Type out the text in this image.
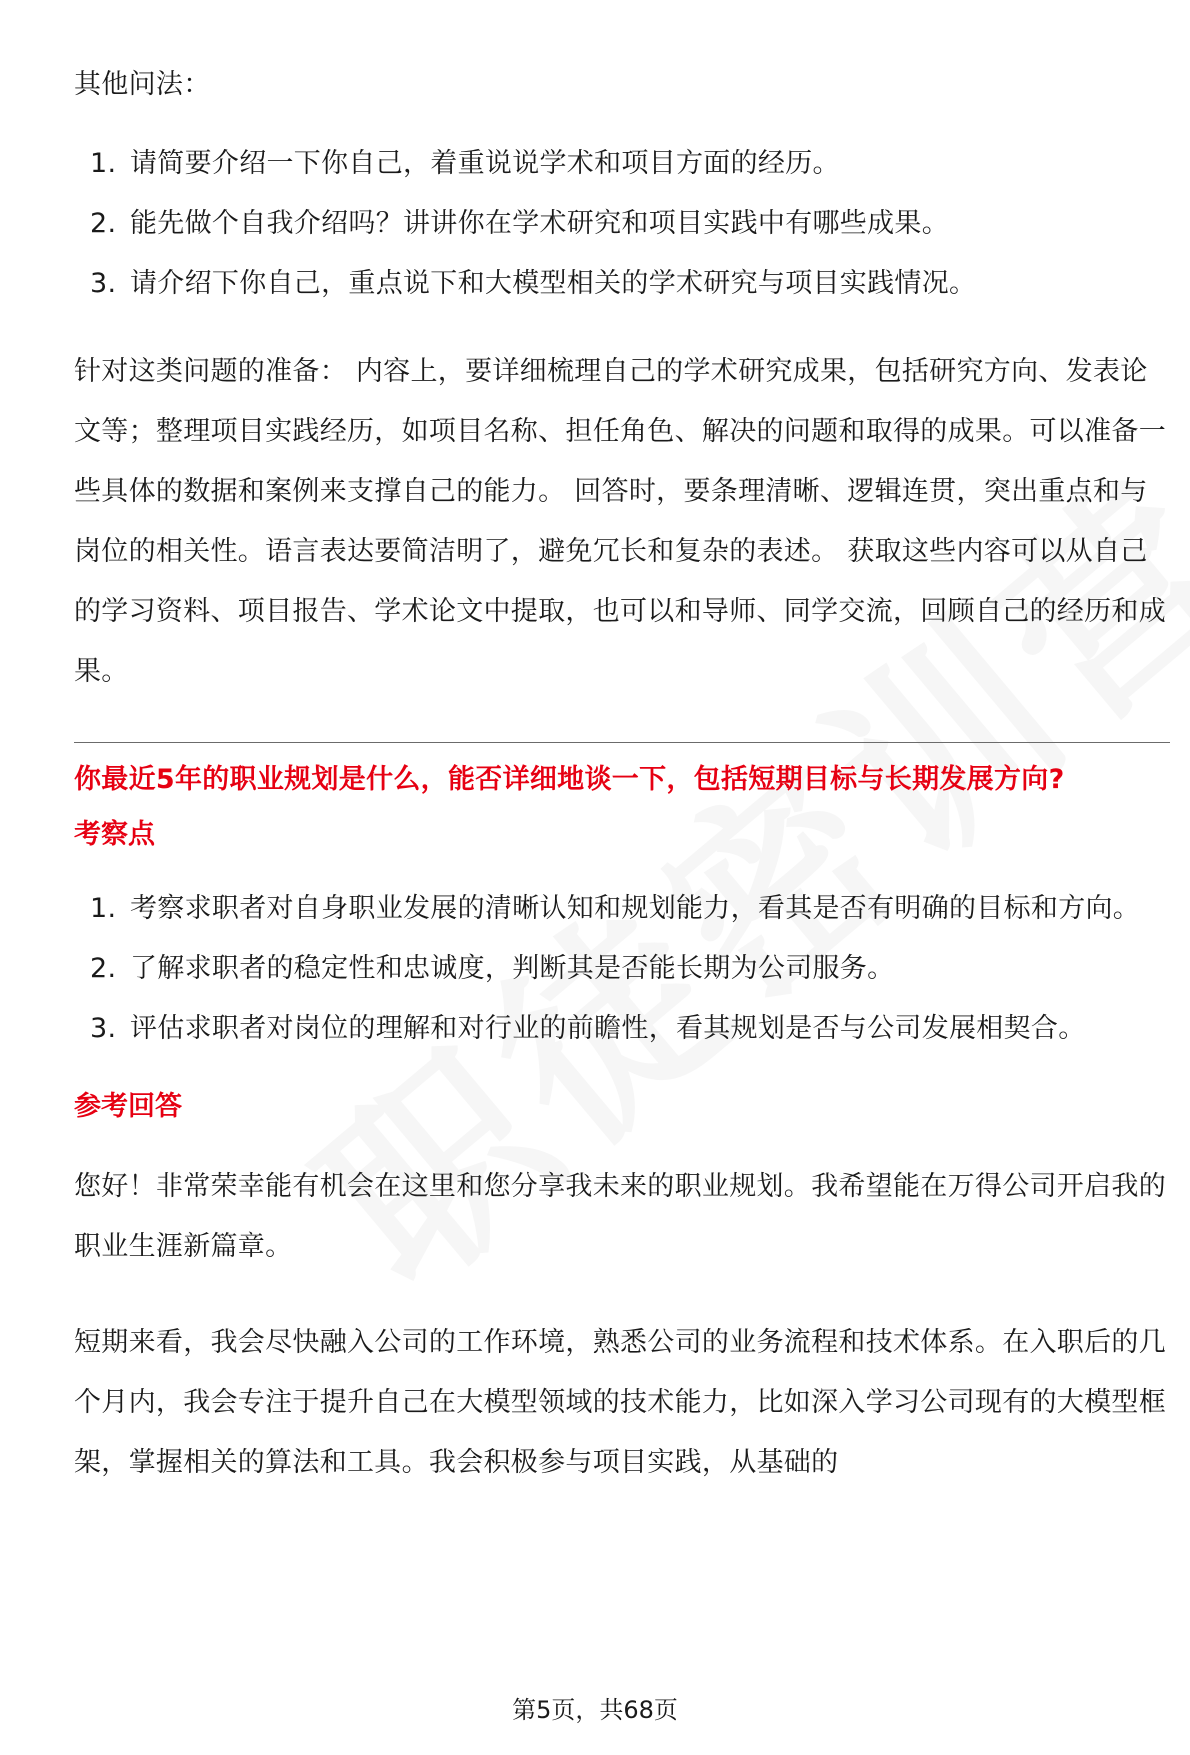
其他问法：

1. 请简要介绍一下你自己，着重说说学术和项目方面的经历。
2. 能先做个自我介绍吗？讲讲你在学术研究和项目实践中有哪些成果。
3. 请介绍下你自己，重点说下和大模型相关的学术研究与项目实践情况。

针对这类问题的准备： 内容上，要详细梳理自己的学术研究成果，包括研究方向、发表论文等；整理项目实践经历，如项目名称、担任角色、解决的问题和取得的成果。可以准备一些具体的数据和案例来支撑自己的能力。 回答时，要条理清晰、逻辑连贯，突出重点和与岗位的相关性。语言表达要简洁明了，避免冗长和复杂的表述。 获取这些内容可以从自己的学习资料、项目报告、学术论文中提取，也可以和导师、同学交流，回顾自己的经历和成果。

你最近5年的职业规划是什么，能否详细地谈一下，包括短期目标与长期发展方向?
考察点
1. 考察求职者对自身职业发展的清晰认知和规划能力，看其是否有明确的目标和方向。
2. 了解求职者的稳定性和忠诚度，判断其是否能长期为公司服务。
3. 评估求职者对岗位的理解和对行业的前瞻性，看其规划是否与公司发展相契合。
参考回答

您好！非常荣幸能有机会在这里和您分享我未来的职业规划。我希望能在万得公司开启我的职业生涯新篇章。

短期来看，我会尽快融入公司的工作环境，熟悉公司的业务流程和技术体系。在入职后的几个月内，我会专注于提升自己在大模型领域的技术能力，比如深入学习公司现有的大模型框架，掌握相关的算法和工具。我会积极参与项目实践，从基础的

第5页，共68页
